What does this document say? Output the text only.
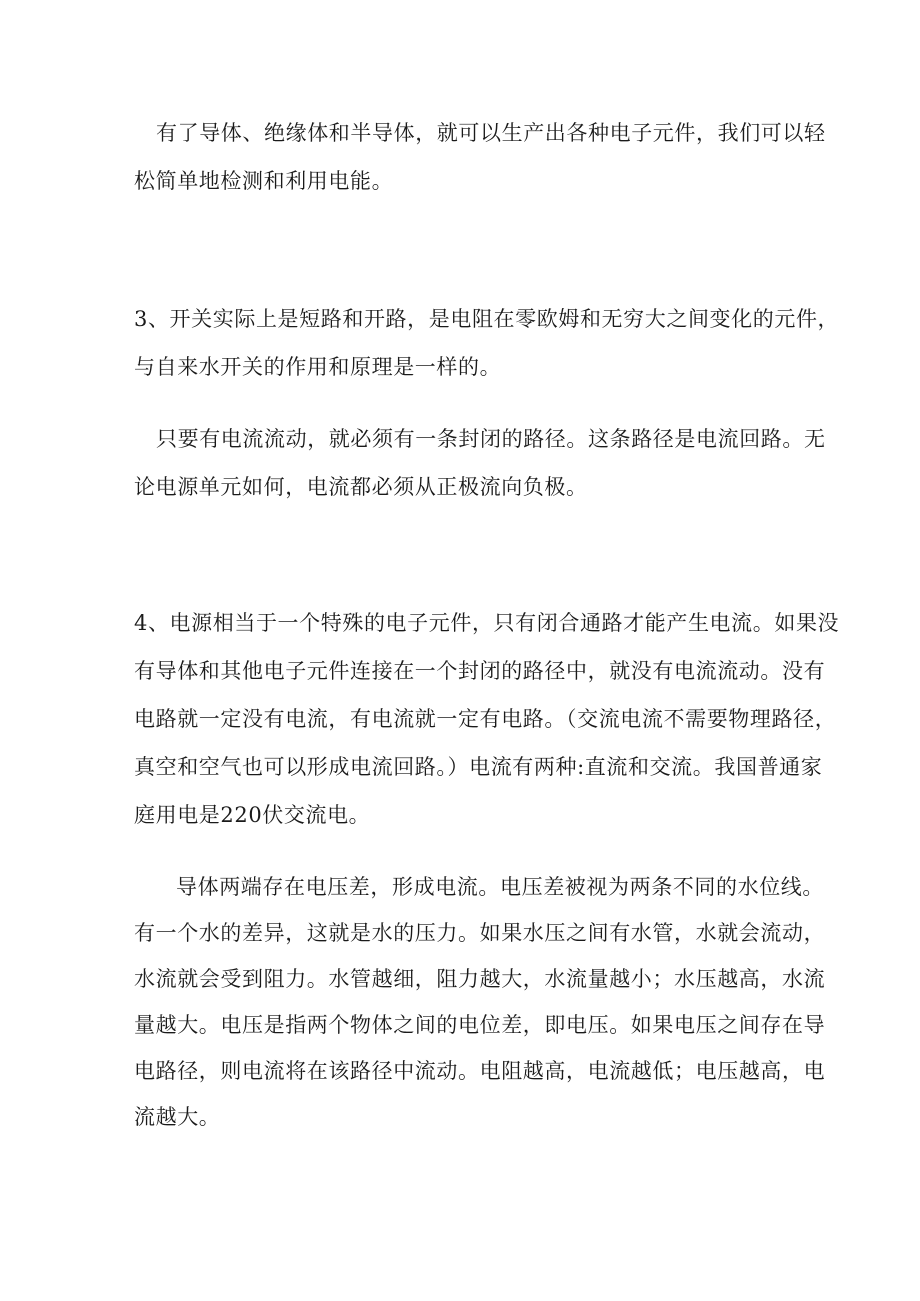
有了导体、绝缘体和半导体，就可以生产出各种电子元件，我们可以轻
松简单地检测和利用电能。
3、开关实际上是短路和开路，是电阻在零欧姆和无穷大之间变化的元件，
与自来水开关的作用和原理是一样的。
只要有电流流动，就必须有一条封闭的路径。这条路径是电流回路。无
论电源单元如何，电流都必须从正极流向负极。
4、电源相当于一个特殊的电子元件，只有闭合通路才能产生电流。如果没
有导体和其他电子元件连接在一个封闭的路径中，就没有电流流动。没有
电路就一定没有电流，有电流就一定有电路。（交流电流不需要物理路径，
真空和空气也可以形成电流回路。）电流有两种:直流和交流。我国普通家
庭用电是220伏交流电。
导体两端存在电压差，形成电流。电压差被视为两条不同的水位线。
有一个水的差异，这就是水的压力。如果水压之间有水管，水就会流动，
水流就会受到阻力。水管越细，阻力越大，水流量越小；水压越高，水流
量越大。电压是指两个物体之间的电位差，即电压。如果电压之间存在导
电路径，则电流将在该路径中流动。电阻越高，电流越低；电压越高，电
流越大。
